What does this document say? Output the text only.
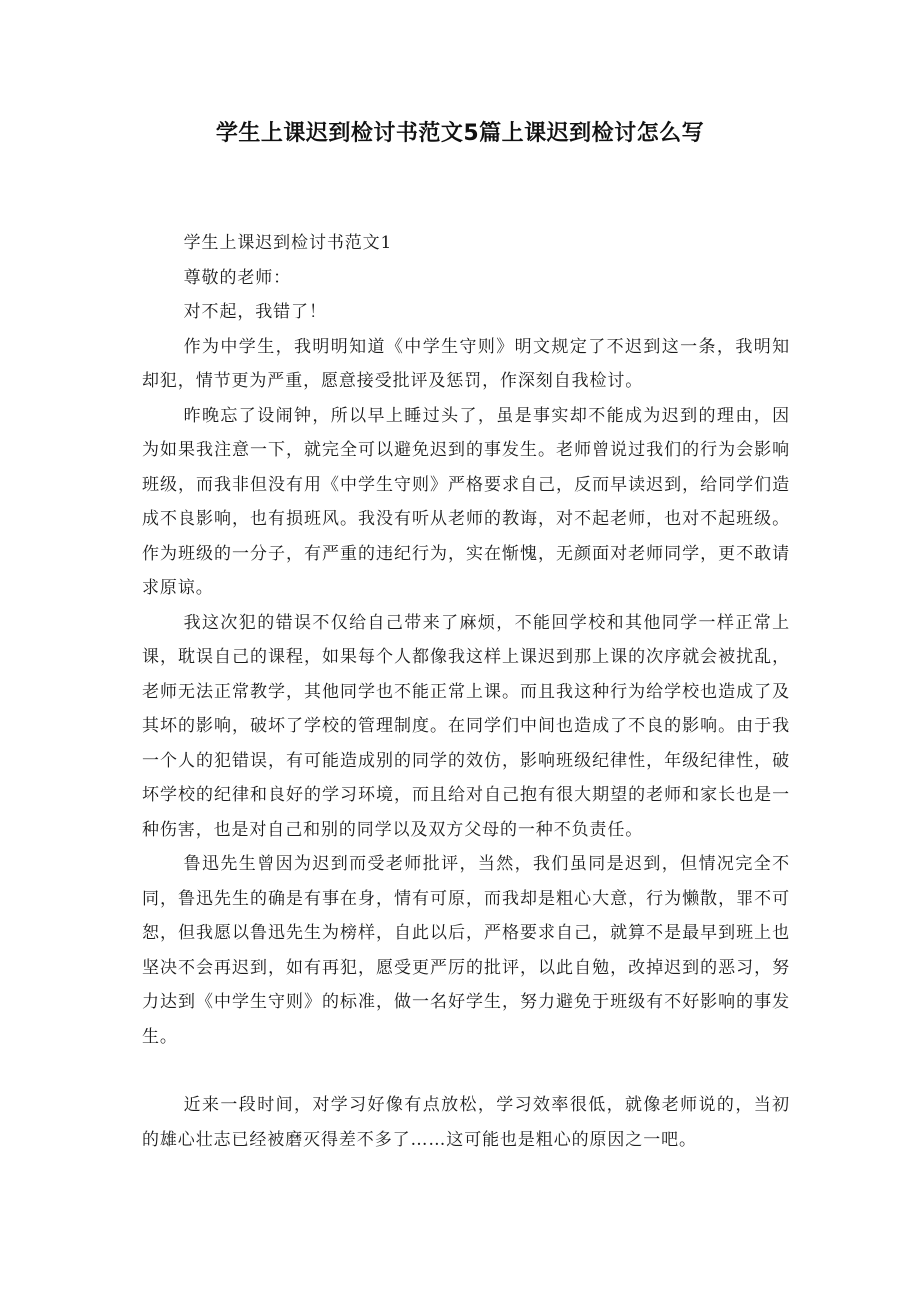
学生上课迟到检讨书范文5篇上课迟到检讨怎么写

学生上课迟到检讨书范文1

尊敬的老师：

对不起，我错了！

作为中学生，我明明知道《中学生守则》明文规定了不迟到这一条，我明知却犯，情节更为严重，愿意接受批评及惩罚，作深刻自我检讨。

昨晚忘了设闹钟，所以早上睡过头了，虽是事实却不能成为迟到的理由，因为如果我注意一下，就完全可以避免迟到的事发生。老师曾说过我们的行为会影响班级，而我非但没有用《中学生守则》严格要求自己，反而早读迟到，给同学们造成不良影响，也有损班风。我没有听从老师的教诲，对不起老师，也对不起班级。作为班级的一分子，有严重的违纪行为，实在惭愧，无颜面对老师同学，更不敢请求原谅。

我这次犯的错误不仅给自己带来了麻烦，不能回学校和其他同学一样正常上课，耽误自己的课程，如果每个人都像我这样上课迟到那上课的次序就会被扰乱，老师无法正常教学，其他同学也不能正常上课。而且我这种行为给学校也造成了及其坏的影响，破坏了学校的管理制度。在同学们中间也造成了不良的影响。由于我一个人的犯错误，有可能造成别的同学的效仿，影响班级纪律性，年级纪律性，破坏学校的纪律和良好的学习环境，而且给对自己抱有很大期望的老师和家长也是一种伤害，也是对自己和别的同学以及双方父母的一种不负责任。

鲁迅先生曾因为迟到而受老师批评，当然，我们虽同是迟到，但情况完全不同，鲁迅先生的确是有事在身，情有可原，而我却是粗心大意，行为懒散，罪不可恕，但我愿以鲁迅先生为榜样，自此以后，严格要求自己，就算不是最早到班上也坚决不会再迟到，如有再犯，愿受更严厉的批评，以此自勉，改掉迟到的恶习，努力达到《中学生守则》的标准，做一名好学生，努力避免于班级有不好影响的事发生。

近来一段时间，对学习好像有点放松，学习效率很低，就像老师说的，当初的雄心壮志已经被磨灭得差不多了……这可能也是粗心的原因之一吧。
